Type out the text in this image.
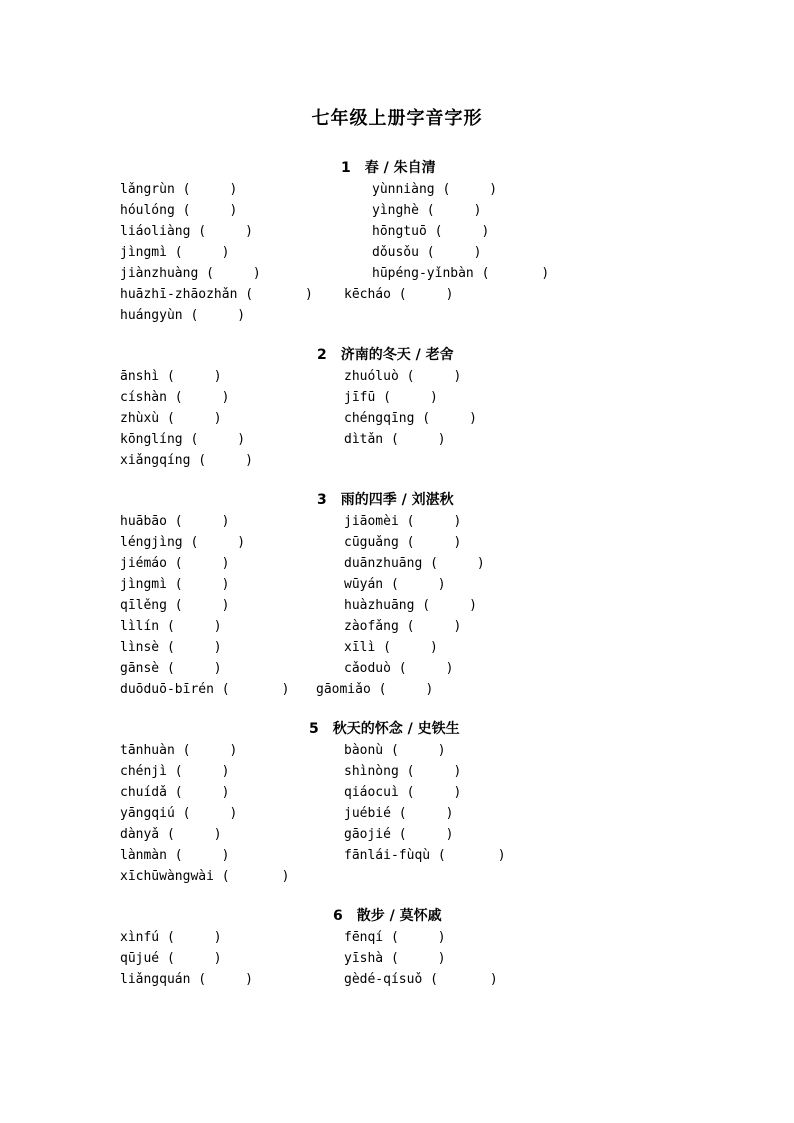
七年级上册字音字形
1　春 / 朱自清
lǎngrùn (　　　)	yùnniàng (　　　)
hóulóng (　　　)	yìnghè (　　　)
liáoliàng (　　　)	hōngtuō (　　　)
jìngmì (　　　)	dǒusǒu (　　　)
jiànzhuàng (　　　)	hūpéng-yǐnbàn (　　　　)
huāzhī-zhāozhǎn (　　　　) kēcháo (　　　)
huángyùn (　　　)
2　济南的冬天 / 老舍
ānshì (　　　)	zhuóluò (　　　)
císhàn (　　　)	jīfū (　　　)
zhùxù (　　　)	chéngqīng (　　　)
kōnglíng (　　　)	dìtǎn (　　　)
xiǎngqíng (　　　)
3　雨的四季 / 刘湛秋
huābāo (　　　)	jiāomèi (　　　)
léngjìng (　　　)	cūguǎng (　　　)
jiémáo (　　　)	duānzhuāng (　　　)
jìngmì (　　　)	wūyán (　　　)
qīlěng (　　　)	huàzhuāng (　　　)
lìlín (　　　)	zàofǎng (　　　)
lìnsè (　　　)	xīlì (　　　)
gānsè (　　　)	cǎoduò (　　　)
duōduō-bīrén (　　　　) gāomiǎo (　　　)
5　秋天的怀念 / 史铁生
tānhuàn (　　　)	bàonù (　　　)
chénjì (　　　)	shìnòng (　　　)
chuídǎ (　　　)	qiáocuì (　　　)
yāngqiú (　　　)	juébié (　　　)
dànyǎ (　　　)	gāojié (　　　)
lànmàn (　　　)	fānlái-fùqù (　　　　)
xīchūwàngwài (　　　　)
6　散步 / 莫怀戚
xìnfú (　　　)	fēnqí (　　　)
qūjué (　　　)	yīshà (　　　)
liǎngquán (　　　)	gèdé-qísuǒ (　　　　)
